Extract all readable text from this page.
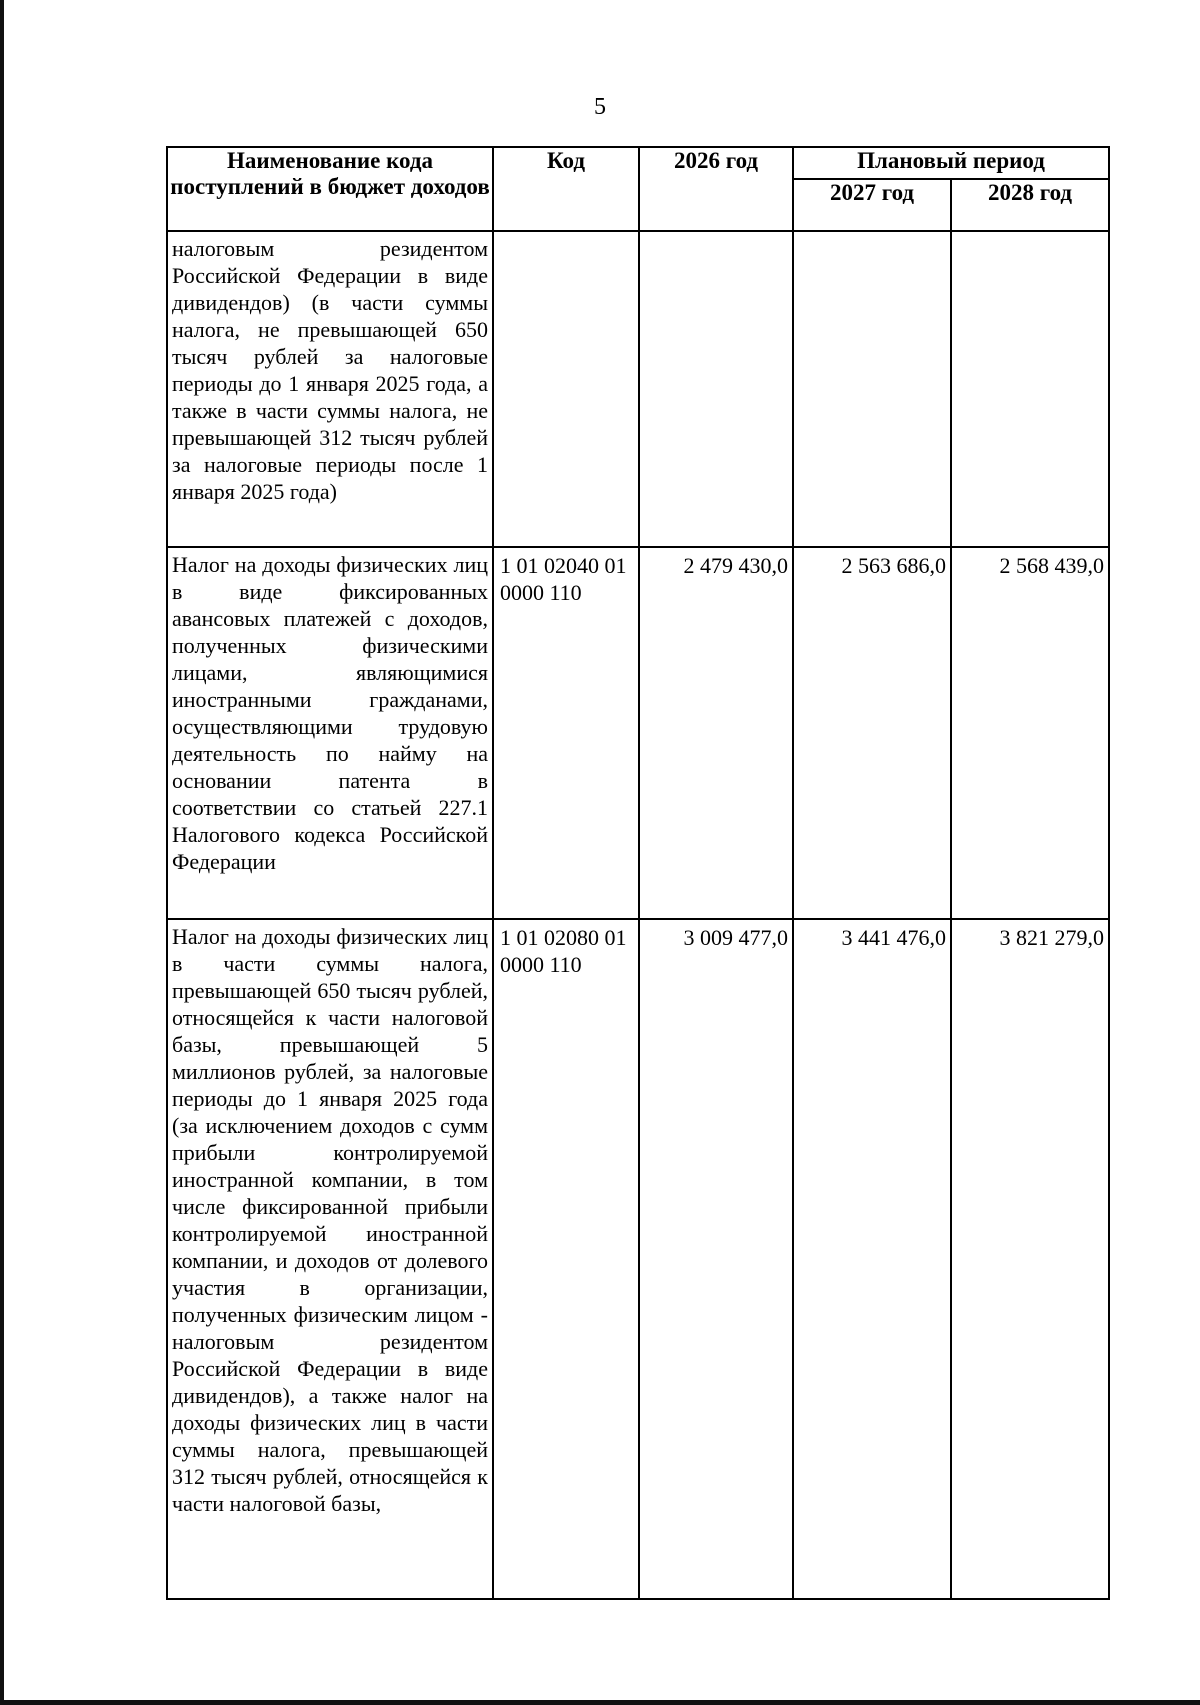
5
Наименование кода поступлений в бюджет доходов	Код	2026 год	Плановый период	
			2027 год	2028 год
налоговым резидентом Российской Федерации в виде дивидендов) (в части суммы налога, не превышающей 650 тысяч рублей за налоговые периоды до 1 января 2025 года, а также в части суммы налога, не превышающей 312 тысяч рублей за налоговые периоды после 1 января 2025 года)				
Налог на доходы физических лиц в виде фиксированных авансовых платежей с доходов, полученных физическими лицами, являющимися иностранными гражданами, осуществляющими трудовую деятельность по найму на основании патента в соответствии со статьей 227.1 Налогового кодекса Российской Федерации	1 01 02040 01 0000 110	2 479 430,0	2 563 686,0	2 568 439,0
Налог на доходы физических лиц в части суммы налога, превышающей 650 тысяч рублей, относящейся к части налоговой базы, превышающей 5 миллионов рублей, за налоговые периоды до 1 января 2025 года (за исключением доходов с сумм прибыли контролируемой иностранной компании, в том числе фиксированной прибыли контролируемой иностранной компании, и доходов от долевого участия в организации, полученных физическим лицом - налоговым резидентом Российской Федерации в виде дивидендов), а также налог на доходы физических лиц в части суммы налога, превышающей 312 тысяч рублей, относящейся к части налоговой базы,	1 01 02080 01 0000 110	3 009 477,0	3 441 476,0	3 821 279,0
